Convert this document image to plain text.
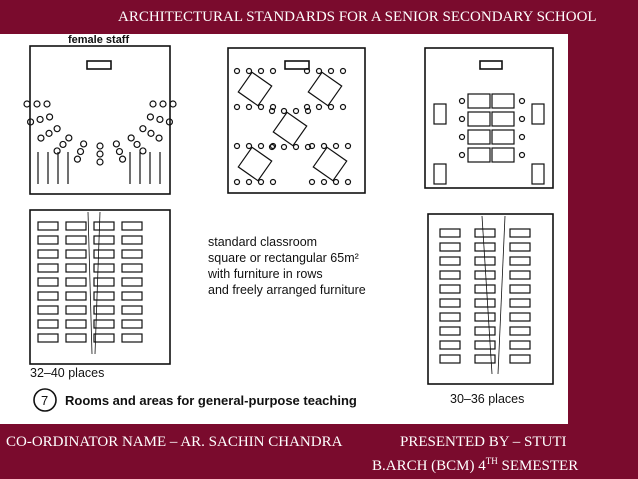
ARCHITECTURAL STANDARDS FOR A SENIOR SECONDARY SCHOOL
female staff
standard classroom
square or rectangular 65m²
with furniture in rows
and freely arranged furniture
32–40 places
30–36 places
7 Rooms and areas for general-purpose teaching
CO-ORDINATOR NAME – AR. SACHIN CHANDRA	PRESENTED BY – STUTI
B.ARCH (BCM) 4TH SEMESTER
